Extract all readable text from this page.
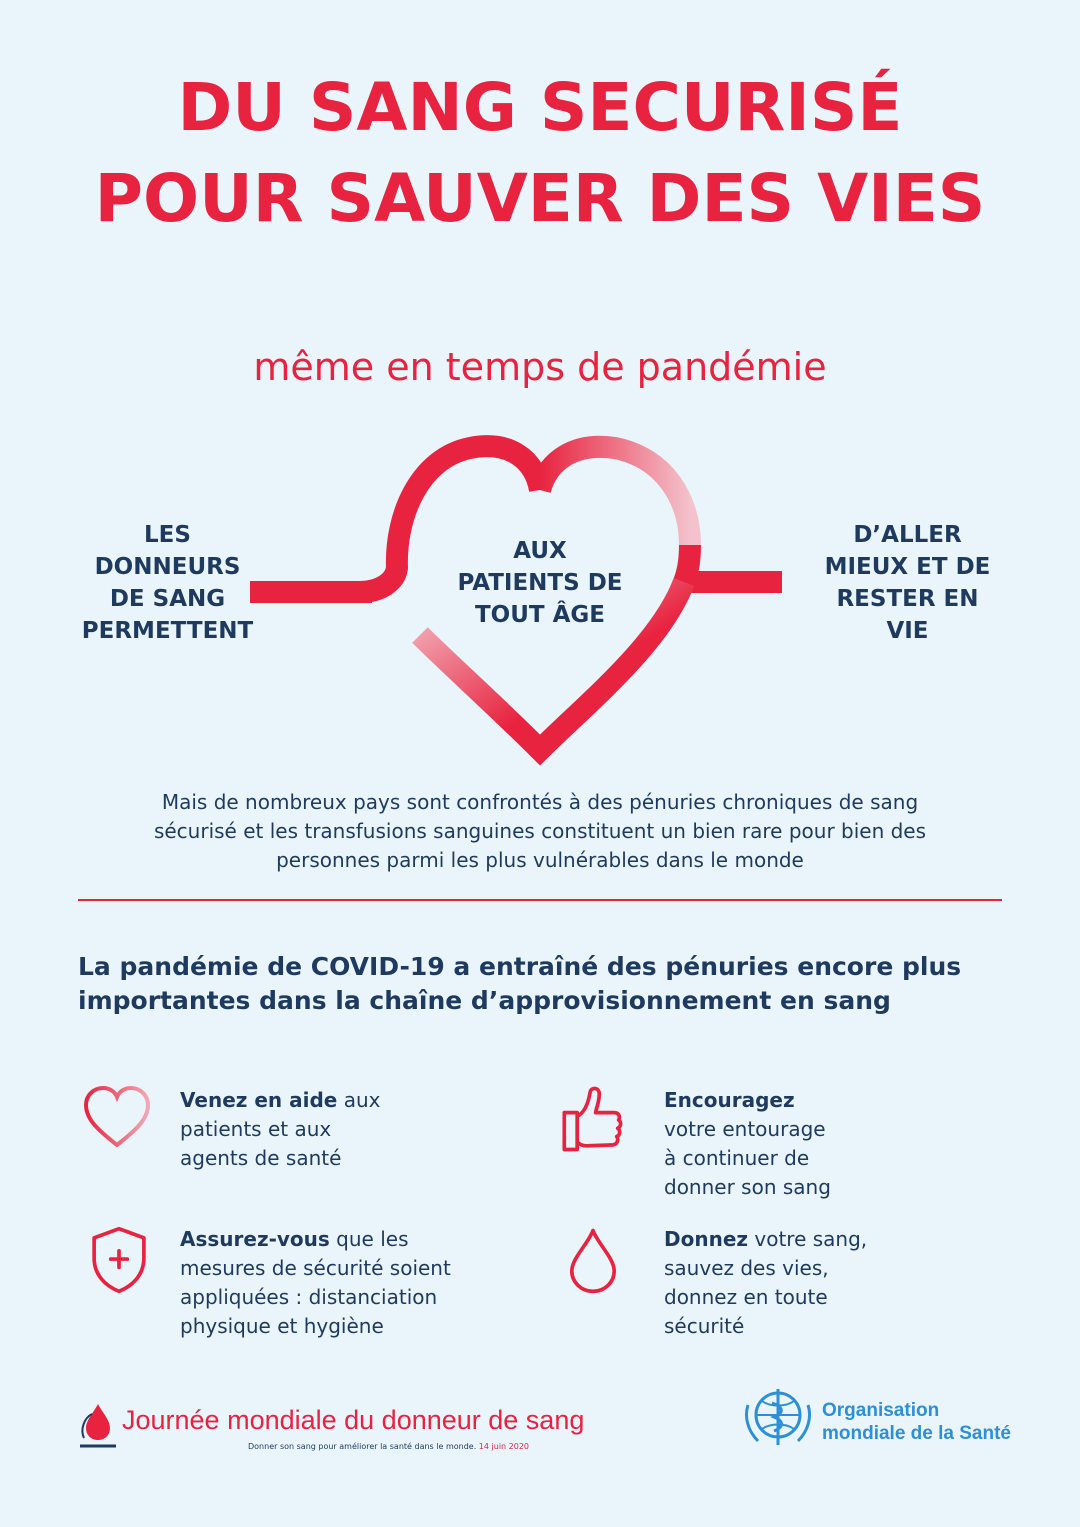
DU SANG SECURISÉ
POUR SAUVER DES VIES
même en temps de pandémie
LES
DONNEURS
DE SANG
PERMETTENT
AUX
PATIENTS DE
TOUT ÂGE
D’ALLER
MIEUX ET DE
RESTER EN
VIE
Mais de nombreux pays sont confrontés à des pénuries chroniques de sang
sécurisé et les transfusions sanguines constituent un bien rare pour bien des
personnes parmi les plus vulnérables dans le monde
La pandémie de COVID-19 a entraîné des pénuries encore plus
importantes dans la chaîne d’approvisionnement en sang
Venez en aide aux
patients et aux
agents de santé
Encouragez
votre entourage
à continuer de
donner son sang
Assurez-vous que les
mesures de sécurité soient
appliquées : distanciation
physique et hygiène
Donnez votre sang,
sauvez des vies,
donnez en toute
sécurité
Journée mondiale du donneur de sang
Donner son sang pour améliorer la santé dans le monde. 14 juin 2020
Organisation
mondiale de la Santé
